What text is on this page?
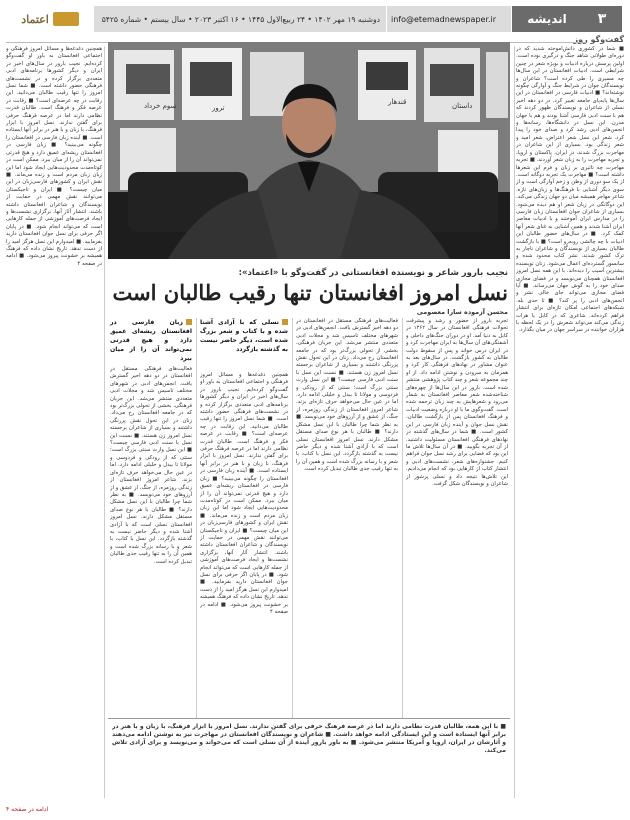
۳
اندیشه
info@etemadnewspaper.ir
دوشنبه ۱۹ مهر ۱۴۰۲ • ۲۴ ربیع‌الاول ۱۴۴۵ • ۱۶ اکتبر ۲۰۲۳ • سال بیستم • شماره ۵۴۲۵
اعتماد
گفت‌وگو روز
■ شما در کشوری دانش‌آموخته شدید که در دوره‌ای طولانی شاهد جنگ و درگیری بوده است. اولین پرسش درباره ادبیات و بویژه شعر در چنین شرایطی است. ادبیات افغانستان در این سال‌ها چه مسیری را طی کرده است؟ شاعران و نویسندگان جوان در شرایط جنگ و آوارگی چگونه نوشته‌اند؟ ■ ادبیات فارسی در افغانستان در این سال‌ها پابه‌پای جامعه تغییر کرد. در دو دهه اخیر نسلی از شاعران و نویسندگان ظهور کردند که هم با سنت ادبی فارسی آشنا بودند و هم با جهان مدرن. این نسل در دانشگاه‌ها، رسانه‌ها و انجمن‌های ادبی رشد کرد و صدای خود را پیدا کرد. شعر این نسل شعر اعتراض، شعر امید و شعر زندگی بود. بسیاری از این شاعران در مهاجرت بزرگ شدند، در ایران، پاکستان و اروپا، و تجربه مهاجرت را به زبان شعر آوردند. ■ تجربه مهاجرت چه تاثیری بر زبان و فرم این شعرها داشته است؟ ■ مهاجرت یک تجربه دوگانه است. از یک سو دوری از وطن و زخم آوارگی است و از سوی دیگر آشنایی با فرهنگ‌ها و زبان‌های تازه. شاعر مهاجر همیشه میان دو جهان زندگی می‌کند. این دوگانگی در زبان شعر او هم دیده می‌شود. بسیاری از شاعران جوان افغانستان زبان فارسی را در مدارس ایران آموختند و با ادبیات معاصر ایران آشنا شدند و همین آشنایی به غنای شعر آنها کمک کرد. ■ در سال‌های حضور طالبان این ادبیات با چه چالشی روبه‌رو است؟ ■ با بازگشت طالبان بسیاری از نویسندگان و شاعران ناچار به ترک کشور شدند. نشر کتاب محدود شده و سانسور گسترده‌ای اعمال می‌شود. زنان نویسنده بیشترین آسیب را دیده‌اند. با این همه نسل امروز افغانستان همچنان می‌نویسد و در فضای مجازی صدای خود را به گوش جهان می‌رساند. ■ آیا فضای مجازی می‌تواند جای خالی نشر و انجمن‌های ادبی را پر کند؟ ■ تا حدی بله. شبکه‌های اجتماعی امکان تازه‌ای برای انتشار فراهم کرده‌اند. شاعری که در کابل یا هرات زندگی می‌کند می‌تواند شعرش را در یک لحظه با هزاران خواننده در سراسر جهان در میان بگذارد.
سوم خرداد	ترور
قندهار	داستان
نجیب بارور شاعر و نویسنده افغانستانی در گفت‌وگو با «اعتماد»:
نسل امروز افغانستان تنها رقیب طالبان است
محسن آزموده سارا معصومی
تجربه بارور از حضور و رشد و پیشرفت تحولات فرهنگی افغانستان در سال ۱۳۶۲ در کابل به دنیا آمد. او در دوران جنگ‌های داخلی و آشفتگی‌های آن سال‌ها به ایران مهاجرت کرد و در ایران درس خواند و پس از سقوط دولت طالبان به کشور بازگشت. در سال‌های بعد به عنوان مشاور در نهادهای فرهنگی کار کرد و همزمان به سرودن و نوشتن ادامه داد. از او چند مجموعه شعر و چند کتاب پژوهشی منتشر شده است. بارور در این سال‌ها از چهره‌های شناخته‌شده شعر معاصر افغانستان به شمار می‌رود و شعرهایش به چند زبان ترجمه شده است. گفت‌وگوی ما با او درباره وضعیت ادبیات و فرهنگ افغانستان پس از بازگشت طالبان، نقش نسل جوان و آینده زبان فارسی در این کشور است. ■ شما در سال‌های گذشته در نهادهای فرهنگی افغانستان مسئولیت داشتید. از آن تجربه بگویید. ■ در آن سال‌ها تلاش ما این بود که فضایی برای رشد نسل جوان فراهم کنیم. جشنواره‌های شعر، نشست‌های ادبی و انتشار کتاب از کارهایی بود که انجام می‌دادیم. این تلاش‌ها نتیجه داد و نسلی پرشور از شاعران و نویسندگان شکل گرفت.
فعالیت‌های فرهنگی مستقل در افغانستان در دو دهه اخیر گسترش یافت. انجمن‌های ادبی در شهرهای مختلف تاسیس شد و مجلات ادبی متعددی منتشر می‌شد. این جریان فرهنگی، بخشی از تحولی بزرگ‌تر بود که در جامعه افغانستان رخ می‌داد. زنان در این تحول نقش پررنگی داشتند و بسیاری از شاعران برجسته نسل امروز زن هستند. ■ نسبت این نسل با سنت ادبی فارسی چیست؟ ■ این نسل وارث سنتی بزرگ است؛ سنتی که از رودکی و فردوسی و مولانا تا بیدل و خلیلی ادامه دارد. اما در عین حال می‌خواهد حرف تازه‌ای بزند. شاعر امروز افغانستان از زندگی روزمره، از جنگ، از عشق و از آرزوهای خود می‌نویسد. ■ به نظر شما چرا طالبان با این نسل مشکل دارند؟ ■ طالبان با هر نوع صدای مستقل مشکل دارند. نسل امروز افغانستان نسلی است که با آزادی آشنا شده و دیگر حاضر نیست به گذشته بازگردد. این نسل با کتاب، با شعر و با رسانه بزرگ شده است و همین آن را به تنها رقیب جدی طالبان تبدیل کرده است.
نسلی که با آزادی آشنا شده و با کتاب و شعر بزرگ شده است، دیگر حاضر نیست به گذشته بازگردد
همچنین دغدغه‌ها و مسائل امروز فرهنگی و اجتماعی افغانستان به باور او گفت‌وگو کرده‌ایم. نجیب بارور در سال‌های اخیر در ایران و دیگر کشورها برنامه‌های ادبی متعددی برگزار کرده و در نشست‌های فرهنگی حضور داشته است. ■ شما نسل امروز را تنها رقیب طالبان می‌دانید. این رقابت در چه عرصه‌ای است؟ ■ رقابت در عرصه فکر و فرهنگ است. طالبان قدرت نظامی دارند اما در عرصه فرهنگ حرفی برای گفتن ندارند. نسل امروز با ابزار فرهنگ، با زبان و با هنر در برابر آنها ایستاده است. ■ آینده زبان فارسی در افغانستان را چگونه می‌بینید؟ ■ زبان فارسی در افغانستان ریشه‌ای عمیق دارد و هیچ قدرتی نمی‌تواند آن را از میان ببرد. ممکن است در کوتاه‌مدت محدودیت‌هایی ایجاد شود اما این زبان زبان مردم است و زنده می‌ماند. ■ نقش ایران و کشورهای فارسی‌زبان در این میان چیست؟ ■ ایران و تاجیکستان می‌توانند نقش مهمی در حمایت از نویسندگان و شاعران افغانستان داشته باشند. انتشار آثار آنها، برگزاری نشست‌ها و ایجاد فرصت‌های آموزشی از جمله کارهایی است که می‌تواند انجام شود. ■ در پایان اگر حرفی برای نسل جوان افغانستان دارید بفرمایید. ■ امیدوارم این نسل هرگز امید را از دست ندهد. تاریخ نشان داده که فرهنگ همیشه بر خشونت پیروز می‌شود. ■ ادامه در صفحه ۴
زبان فارسی در افغانستان ریشه‌ای عمیق دارد و هیچ قدرتی نمی‌تواند آن را از میان ببرد
فعالیت‌های فرهنگی مستقل در افغانستان در دو دهه اخیر گسترش یافت. انجمن‌های ادبی در شهرهای مختلف تاسیس شد و مجلات ادبی متعددی منتشر می‌شد. این جریان فرهنگی، بخشی از تحولی بزرگ‌تر بود که در جامعه افغانستان رخ می‌داد. زنان در این تحول نقش پررنگی داشتند و بسیاری از شاعران برجسته نسل امروز زن هستند. ■ نسبت این نسل با سنت ادبی فارسی چیست؟ ■ این نسل وارث سنتی بزرگ است؛ سنتی که از رودکی و فردوسی و مولانا تا بیدل و خلیلی ادامه دارد. اما در عین حال می‌خواهد حرف تازه‌ای بزند. شاعر امروز افغانستان از زندگی روزمره، از جنگ، از عشق و از آرزوهای خود می‌نویسد. ■ به نظر شما چرا طالبان با این نسل مشکل دارند؟ ■ طالبان با هر نوع صدای مستقل مشکل دارند. نسل امروز افغانستان نسلی است که با آزادی آشنا شده و دیگر حاضر نیست به گذشته بازگردد. این نسل با کتاب، با شعر و با رسانه بزرگ شده است و همین آن را به تنها رقیب جدی طالبان تبدیل کرده است.
همچنین دغدغه‌ها و مسائل امروز فرهنگی و اجتماعی افغانستان به باور او گفت‌وگو کرده‌ایم. نجیب بارور در سال‌های اخیر در ایران و دیگر کشورها برنامه‌های ادبی متعددی برگزار کرده و در نشست‌های فرهنگی حضور داشته است. ■ شما نسل امروز را تنها رقیب طالبان می‌دانید. این رقابت در چه عرصه‌ای است؟ ■ رقابت در عرصه فکر و فرهنگ است. طالبان قدرت نظامی دارند اما در عرصه فرهنگ حرفی برای گفتن ندارند. نسل امروز با ابزار فرهنگ، با زبان و با هنر در برابر آنها ایستاده است. ■ آینده زبان فارسی در افغانستان را چگونه می‌بینید؟ ■ زبان فارسی در افغانستان ریشه‌ای عمیق دارد و هیچ قدرتی نمی‌تواند آن را از میان ببرد. ممکن است در کوتاه‌مدت محدودیت‌هایی ایجاد شود اما این زبان زبان مردم است و زنده می‌ماند. ■ نقش ایران و کشورهای فارسی‌زبان در این میان چیست؟ ■ ایران و تاجیکستان می‌توانند نقش مهمی در حمایت از نویسندگان و شاعران افغانستان داشته باشند. انتشار آثار آنها، برگزاری نشست‌ها و ایجاد فرصت‌های آموزشی از جمله کارهایی است که می‌تواند انجام شود. ■ در پایان اگر حرفی برای نسل جوان افغانستان دارید بفرمایید. ■ امیدوارم این نسل هرگز امید را از دست ندهد. تاریخ نشان داده که فرهنگ همیشه بر خشونت پیروز می‌شود. ■ ادامه در صفحه ۴
■ با این همه، طالبان قدرت نظامی دارند اما در عرصه فرهنگ حرفی برای گفتن ندارند. نسل امروز با ابزار فرهنگ، با زبان و با هنر در برابر آنها ایستاده است و این ایستادگی ادامه خواهد داشت. ■ شاعران و نویسندگان افغانستان در مهاجرت نیز به نوشتن ادامه می‌دهند و آثارشان در ایران، اروپا و آمریکا منتشر می‌شود. ■ به باور بارور آینده از آن نسلی است که می‌خواند و می‌نویسد و برای آزادی تلاش می‌کند.
ادامه در صفحه ۴
